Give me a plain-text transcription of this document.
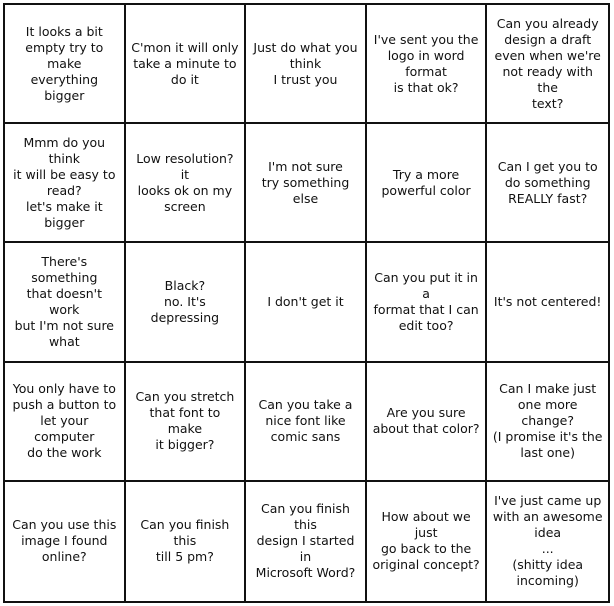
It looks a bit
empty try to make
everything bigger
C'mon it will only
take a minute to
do it
Just do what you
think
I trust you
I've sent you the
logo in word
format
is that ok?
Can you already
design a draft
even when we're
not ready with the
text?
Mmm do you think
it will be easy to
read?
let's make it
bigger
Low resolution? it
looks ok on my
screen
I'm not sure
try something else
Try a more
powerful color
Can I get you to
do something
REALLY fast?
There's something
that doesn't work
but I'm not sure
what
Black?
no. It's depressing
I don't get it
Can you put it in a
format that I can
edit too?
It's not centered!
You only have to
push a button to
let your computer
do the work
Can you stretch
that font to make
it bigger?
Can you take a
nice font like
comic sans
Are you sure
about that color?
Can I make just
one more change?
(I promise it's the
last one)
Can you use this
image I found
online?
Can you finish this
till 5 pm?
Can you finish this
design I started in
Microsoft Word?
How about we just
go back to the
original concept?
I've just came up
with an awesome
idea
...
(shitty idea
incoming)
